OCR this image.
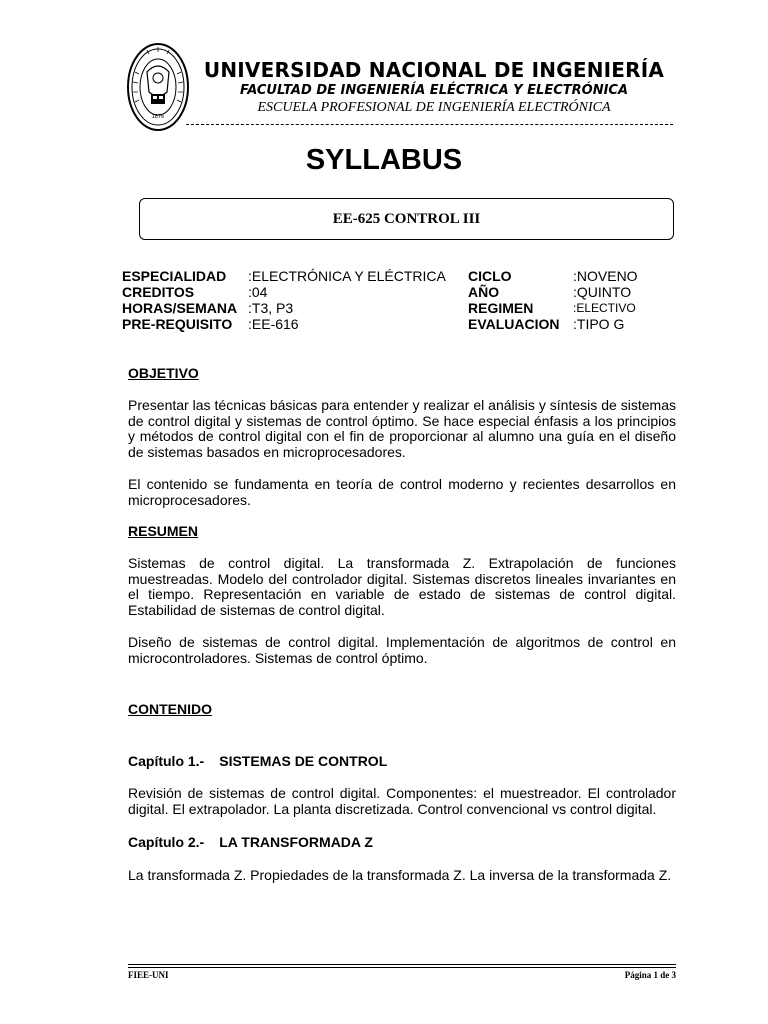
1876
UNIVERSIDAD NACIONAL DE INGENIERÍA
FACULTAD DE INGENIERÍA ELÉCTRICA Y ELECTRÓNICA
ESCUELA PROFESIONAL DE INGENIERÍA ELECTRÓNICA
SYLLABUS
EE-625 CONTROL III
ESPECIALIDAD	:ELECTRÓNICA Y ELÉCTRICA
CREDITOS	:04
HORAS/SEMANA :T3, P3
PRE-REQUISITO	:EE-616
CICLO	:NOVENO
AÑO	:QUINTO
REGIMEN	:ELECTIVO
EVALUACION :TIPO G
OBJETIVO
Presentar las técnicas básicas para entender y realizar el análisis y síntesis de sistemas de control digital y sistemas de control óptimo. Se hace especial énfasis a los principios y métodos de control digital con el fin de proporcionar al alumno una guía en el diseño de sistemas basados en microprocesadores.
El contenido se fundamenta en teoría de control moderno y recientes desarrollos en microprocesadores.
RESUMEN
Sistemas de control digital. La transformada Z. Extrapolación de funciones muestreadas. Modelo del controlador digital. Sistemas discretos lineales invariantes en el tiempo. Representación en variable de estado de sistemas de control digital. Estabilidad de sistemas de control digital.
Diseño de sistemas de control digital. Implementación de algoritmos de control en microcontroladores. Sistemas de control óptimo.
CONTENIDO
Capítulo 1.- SISTEMAS DE CONTROL
Revisión de sistemas de control digital. Componentes: el muestreador. El controlador digital. El extrapolador. La planta discretizada. Control convencional vs control digital.
Capítulo 2.- LA TRANSFORMADA Z
La transformada Z. Propiedades de la transformada Z. La inversa de la transformada Z.
FIEE-UNI	Página 1 de 3
